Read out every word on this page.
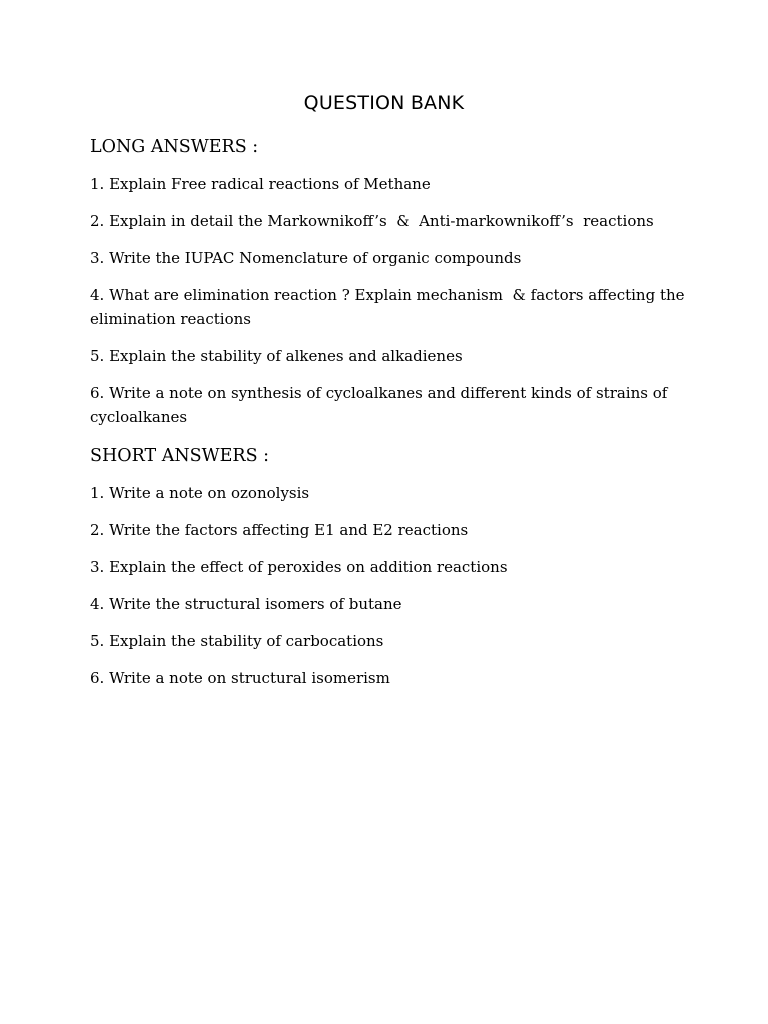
QUESTION BANK
LONG ANSWERS :
1. Explain Free radical reactions of Methane
2. Explain in detail the Markownikoff’s  &  Anti-markownikoff’s  reactions
3. Write the IUPAC Nomenclature of organic compounds
4. What are elimination reaction ? Explain mechanism  & factors affecting the elimination reactions
5. Explain the stability of alkenes and alkadienes
6. Write a note on synthesis of cycloalkanes and different kinds of strains of cycloalkanes
SHORT ANSWERS :
1. Write a note on ozonolysis
2. Write the factors affecting E1 and E2 reactions
3. Explain the effect of peroxides on addition reactions
4. Write the structural isomers of butane
5. Explain the stability of carbocations
6. Write a note on structural isomerism
